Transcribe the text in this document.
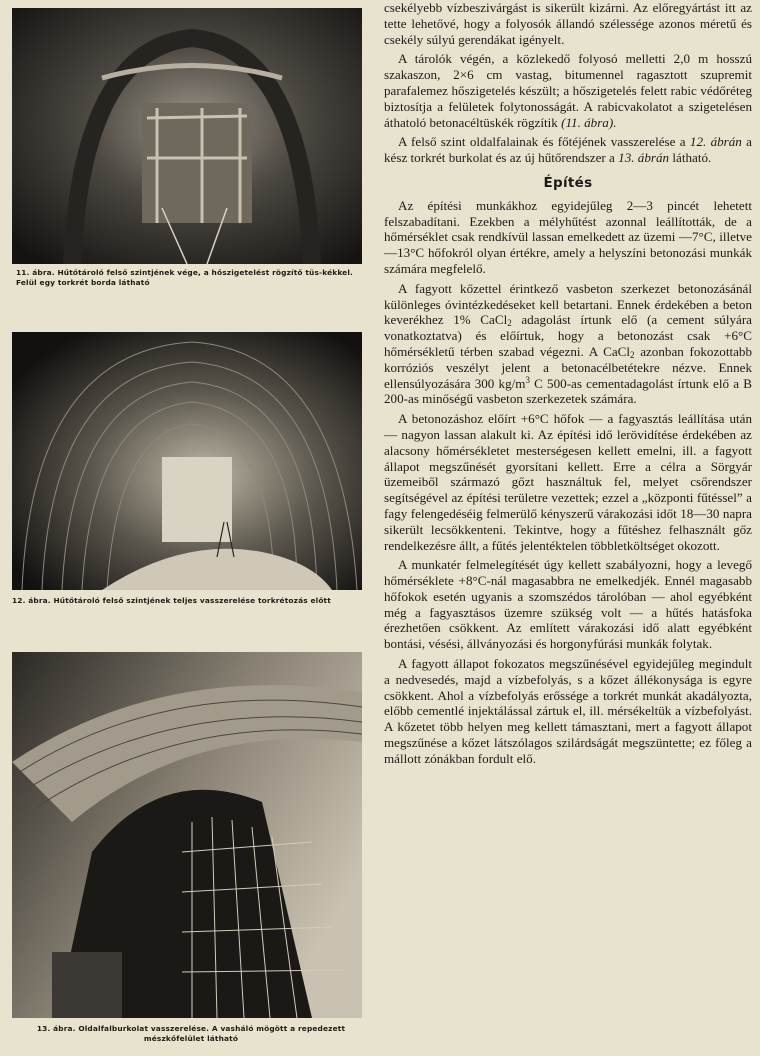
11. ábra. Hűtőtároló felső szintjének vége, a hőszigetelést rögzítő tüs-kékkel. Felül egy torkrét borda látható
12. ábra. Hűtőtároló felső szintjének teljes vasszerelése torkrétozás előtt
13. ábra. Oldalfalburkolat vasszerelése. A vasháló mögött a repedezett mészkőfelület látható

csekélyebb vízbeszivárgást is sikerült kizárni. Az előregyártást itt az tette lehetővé, hogy a folyosók állandó szélessége azonos méretű és csekély súlyú gerendákat igényelt.

A tárolók végén, a közlekedő folyosó melletti 2,0 m hosszú szakaszon, 2×6 cm vastag, bitumennel ragasztott szupremit parafalemez hőszigetelés készült; a hőszigetelés felett rabic védőréteg biztosítja a felületek folytonosságát. A rabicvakolatot a szigetelésen áthatoló betonacéltüskék rögzítik (11. ábra).

A felső szint oldalfalainak és főtéjének vasszerelése a 12. ábrán a kész torkrét burkolat és az új hűtőrendszer a 13. ábrán látható.

Építés

Az építési munkákhoz egyidejűleg 2—3 pincét lehetett felszabadítani. Ezekben a mélyhűtést azonnal leállították, de a hőmérséklet csak rendkívül lassan emelkedett az üzemi —7°C, illetve —13°C hőfokról olyan értékre, amely a helyszíni betonozási munkák számára megfelelő.

A fagyott kőzettel érintkező vasbeton szerkezet betonozásánál különleges óvintézkedéseket kell betartani. Ennek érdekében a beton keverékhez 1% CaCl$_2$ adagolást írtunk elő (a cement súlyára vonatkoztatva) és előírtuk, hogy a betonozást csak +6°C hőmérsékletű térben szabad végezni. A CaCl$_2$ azonban fokozottabb korróziós veszélyt jelent a betonacélbetétekre nézve. Ennek ellensúlyozására 300 $kg/m^3$ C 500-as cementadagolást írtunk elő a B 200-as minőségű vasbeton szerkezetek számára.

A betonozáshoz előírt +6°C hőfok — a fagyasztás leállítása után — nagyon lassan alakult ki. Az építési idő lerövidítése érdekében az alacsony hőmérsékletet mesterségesen kellett emelni, ill. a fagyott állapot megszűnését gyorsítani kellett. Erre a célra a Sörgyár üzemeiből származó gőzt használtuk fel, melyet csőrendszer segítségével az építési területre vezettek; ezzel a „központi fűtéssel” a fagy felengedéséig felmerülő kényszerű várakozási időt 18—30 napra sikerült lecsökkenteni. Tekintve, hogy a fűtéshez felhasznált gőz rendelkezésre állt, a fűtés jelentéktelen többletköltséget okozott.

A munkatér felmelegítését úgy kellett szabályozni, hogy a levegő hőmérséklete +8°C-nál magasabbra ne emelkedjék. Ennél magasabb hőfokok esetén ugyanis a szomszédos tárolóban — ahol egyébként még a fagyasztásos üzemre szükség volt — a hűtés hatásfoka érezhetően csökkent. Az említett várakozási idő alatt egyébként bontási, vésési, állványozási és horgonyfúrási munkák folytak.

A fagyott állapot fokozatos megszűnésével egyidejűleg megindult a nedvesedés, majd a vízbefolyás, s a kőzet állékonysága is egyre csökkent. Ahol a vízbefolyás erőssége a torkrét munkát akadályozta, előbb cementlé injektálással zártuk el, ill. mérsékeltük a vízbefolyást. A kőzetet több helyen meg kellett támasztani, mert a fagyott állapot megszűnése a kőzet látszólagos szilárdságát megszüntette; ez főleg a mállott zónákban fordult elő.
